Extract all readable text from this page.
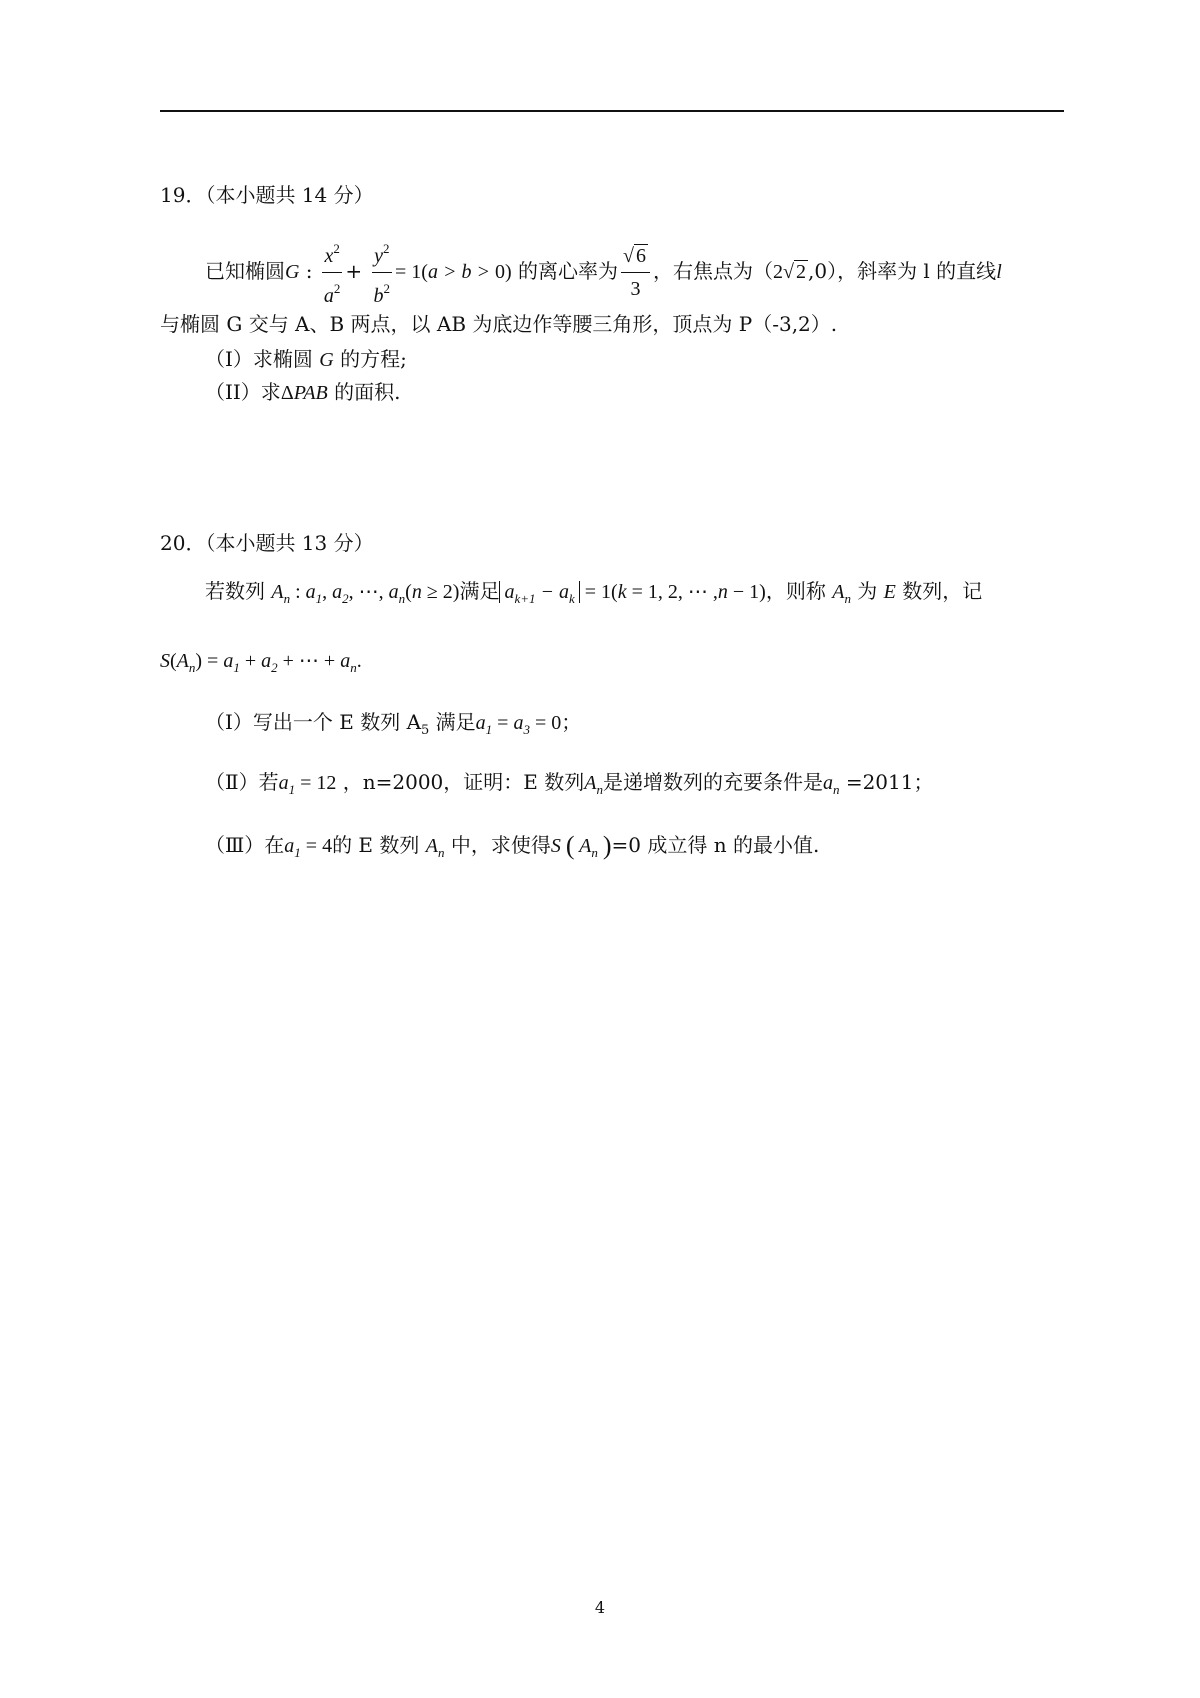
19．（本小题共 14 分）
已知椭圆G : $\frac{x^2}{a^2} + \frac{y^2}{b^2} = 1(a > b > 0)$ 的离心率为 $\frac{√ 6}{3}$ ，右焦点为（2√ 2 ,0），斜率为 l 的直线l
与椭圆 G 交与 A、B 两点，以 AB 为底边作等腰三角形，顶点为 P（-3,2）.
（I）求椭圆 G 的方程;
（II）求ΔPAB 的面积.
20．（本小题共 13 分）
若数列 $A_n$ : $a_1$, $a_2$, ⋯, $a_n(n \ge 2)$满足 $a_{k+1} - a_k = 1(k = 1$, 2, ⋯ ,n − 1)，则称 $A_n$ 为 E 数列，记
$S(A_n) = a_1 + a_2$ + ⋯ + $a_n$.
（Ⅰ）写出一个 E 数列 $A_5$ 满足$a_1 = a_3 = 0$；
（Ⅱ）若$a_1 = 12$ ，n=2000，证明：E 数列$A_n$是递增数列的充要条件是$a_n =2011$；
（Ⅲ）在$a_1 = 4$的 E 数列 $A_n$ 中，求使得S ( $A_n$ )=0 成立得 n 的最小值.
4
